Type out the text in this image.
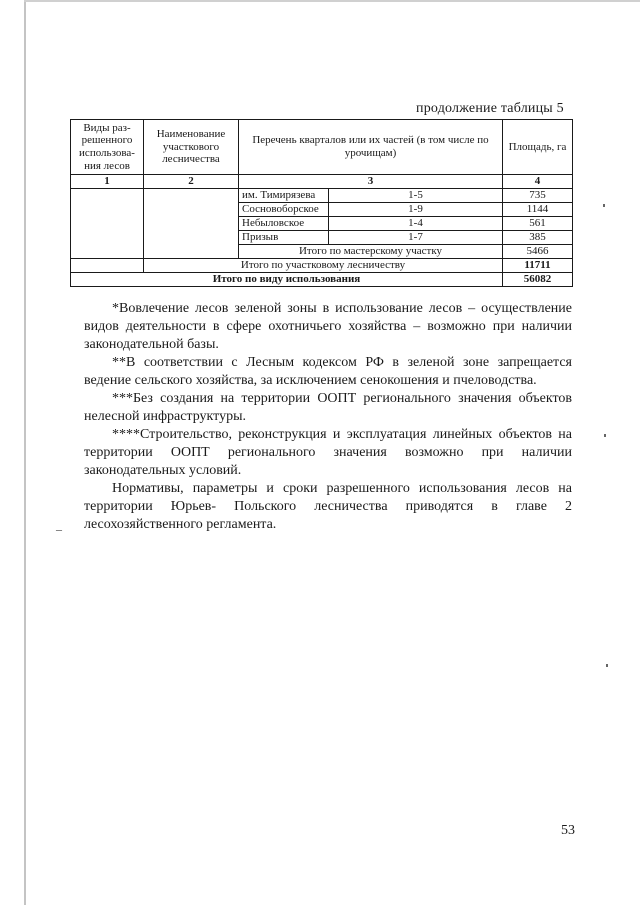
продолжение таблицы 5
Виды раз-решенного использова-ния лесов	Наименование участкового лесничества	Перечень кварталов или их частей (в том числе по урочищам)		Площадь, га
1	2	3		4
		им. Тимирязева	1-5	735
		Сосновоборское	1-9	1144
		Небыловское	1-4	561
		Призыв	1-7	385
		Итого по мастерскому участку		5466
	Итого по участковому лесничеству			11711
Итого по виду использования				56082

*Вовлечение лесов зеленой зоны в использование лесов – осуществление видов деятельности в сфере охотничьего хозяйства – возможно при наличии законодательной базы.

**В соответствии с Лесным кодексом РФ в зеленой зоне запрещается ведение сельского хозяйства, за исключением сенокошения и пчеловодства.

***Без создания на территории ООПТ регионального значения объектов нелесной инфраструктуры.

****Строительство, реконструкция и эксплуатация линейных объектов на территории ООПТ регионального значения возможно при наличии законодательных условий.

Нормативы, параметры и сроки разрешенного использования лесов на территории Юрьев- Польского лесничества приводятся в главе 2 лесохозяйственного регламента.

–
53
